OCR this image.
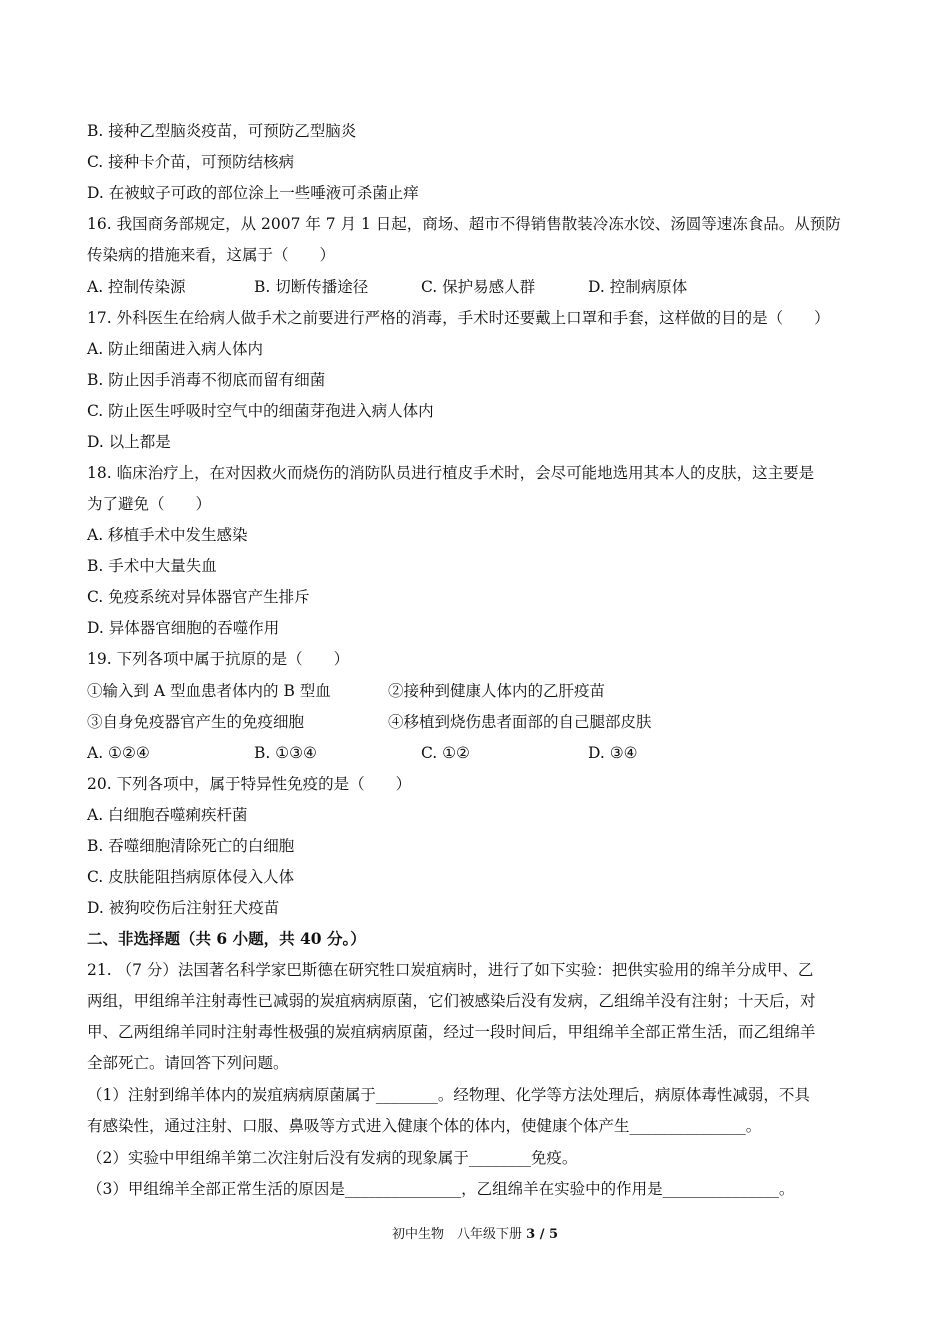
B. 接种乙型脑炎疫苗，可预防乙型脑炎
C. 接种卡介苗，可预防结核病
D. 在被蚊子可政的部位涂上一些唾液可杀菌止痒
16. 我国商务部规定，从 2007 年 7 月 1 日起，商场、超市不得销售散装冷冻水饺、汤圆等速冻食品。从预防
传染病的措施来看，这属于（　　）
A. 控制传染源	B. 切断传播途径	C. 保护易感人群	D. 控制病原体
17. 外科医生在给病人做手术之前要进行严格的消毒，手术时还要戴上口罩和手套，这样做的目的是（　　）
A. 防止细菌进入病人体内
B. 防止因手消毒不彻底而留有细菌
C. 防止医生呼吸时空气中的细菌芽孢进入病人体内
D. 以上都是
18. 临床治疗上，在对因救火而烧伤的消防队员进行植皮手术时，会尽可能地选用其本人的皮肤，这主要是
为了避免（　　）
A. 移植手术中发生感染
B. 手术中大量失血
C. 免疫系统对异体器官产生排斥
D. 异体器官细胞的吞噬作用
19. 下列各项中属于抗原的是（　　）
①输入到 A 型血患者体内的 B 型血	②接种到健康人体内的乙肝疫苗
③自身免疫器官产生的免疫细胞	④移植到烧伤患者面部的自己腿部皮肤
A. ①②④	B. ①③④	C. ①②	D. ③④
20. 下列各项中，属于特异性免疫的是（　　）
A. 白细胞吞噬痢疾杆菌
B. 吞噬细胞清除死亡的白细胞
C. 皮肤能阻挡病原体侵入人体
D. 被狗咬伤后注射狂犬疫苗
二、非选择题（共 6 小题，共 40 分。）
21. （7 分）法国著名科学家巴斯德在研究牲口炭疽病时，进行了如下实验：把供实验用的绵羊分成甲、乙
两组，甲组绵羊注射毒性已减弱的炭疽病病原菌，它们被感染后没有发病，乙组绵羊没有注射；十天后，对
甲、乙两组绵羊同时注射毒性极强的炭疽病病原菌，经过一段时间后，甲组绵羊全部正常生活，而乙组绵羊
全部死亡。请回答下列问题。
（1）注射到绵羊体内的炭疽病病原菌属于________。经物理、化学等方法处理后，病原体毒性减弱，不具
有感染性，通过注射、口服、鼻吸等方式进入健康个体的体内，使健康个体产生_______________。
（2）实验中甲组绵羊第二次注射后没有发病的现象属于________免疫。
（3）甲组绵羊全部正常生活的原因是_______________，乙组绵羊在实验中的作用是_______________。
初中生物　八年级下册 3 / 5
